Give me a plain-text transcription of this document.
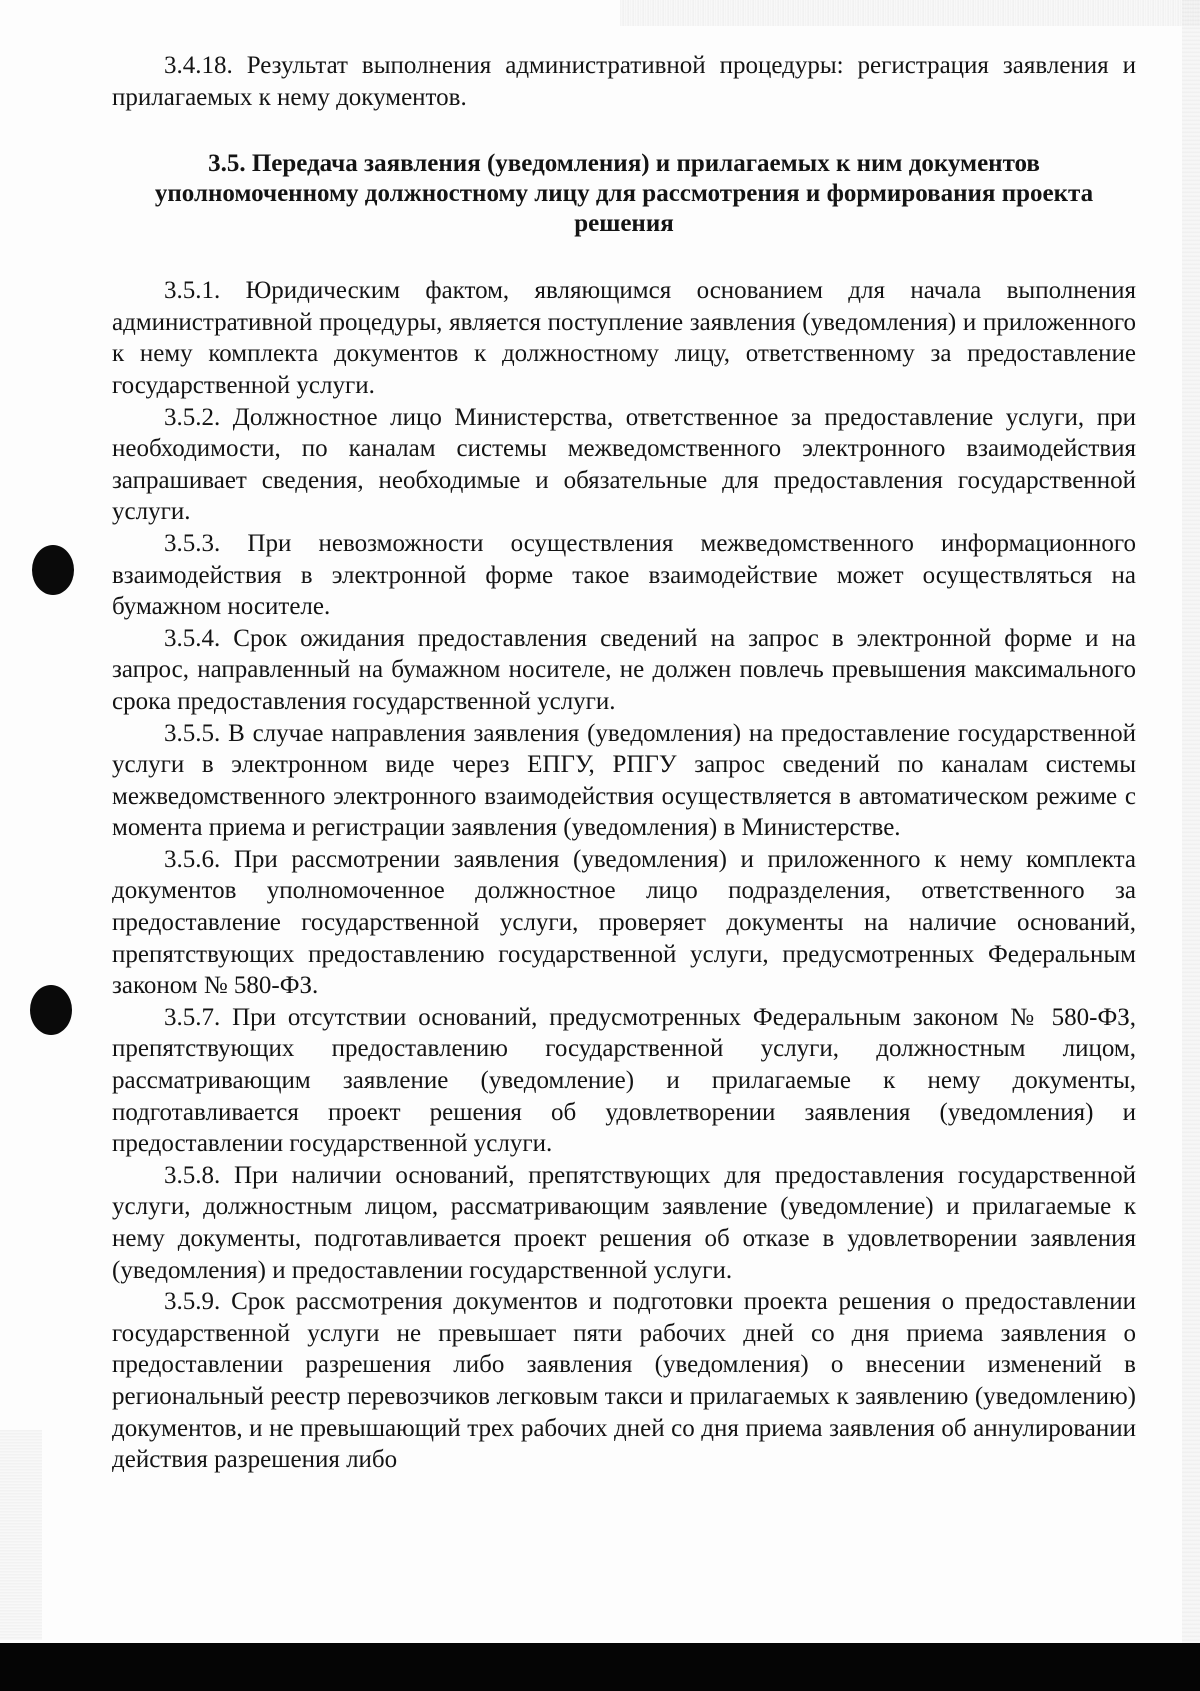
3.4.18. Результат выполнения административной процедуры: регистрация заявления и прилагаемых к нему документов.

3.5. Передача заявления (уведомления) и прилагаемых к ним документов уполномоченному должностному лицу для рассмотрения и формирования проекта решения

3.5.1. Юридическим фактом, являющимся основанием для начала выполнения административной процедуры, является поступление заявления (уведомления) и приложенного к нему комплекта документов к должностному лицу, ответственному за предоставление государственной услуги.

3.5.2. Должностное лицо Министерства, ответственное за предоставление услуги, при необходимости, по каналам системы межведомственного электронного взаимодействия запрашивает сведения, необходимые и обязательные для предоставления государственной услуги.

3.5.3. При невозможности осуществления межведомственного информационного взаимодействия в электронной форме такое взаимодействие может осуществляться на бумажном носителе.

3.5.4. Срок ожидания предоставления сведений на запрос в электронной форме и на запрос, направленный на бумажном носителе, не должен повлечь превышения максимального срока предоставления государственной услуги.

3.5.5. В случае направления заявления (уведомления) на предоставление государственной услуги в электронном виде через ЕПГУ, РПГУ запрос сведений по каналам системы межведомственного электронного взаимодействия осуществляется в автоматическом режиме с момента приема и регистрации заявления (уведомления) в Министерстве.

3.5.6. При рассмотрении заявления (уведомления) и приложенного к нему комплекта документов уполномоченное должностное лицо подразделения, ответственного за предоставление государственной услуги, проверяет документы на наличие оснований, препятствующих предоставлению государственной услуги, предусмотренных Федеральным законом № 580-ФЗ.

3.5.7. При отсутствии оснований, предусмотренных Федеральным законом № 580-ФЗ, препятствующих предоставлению государственной услуги, должностным лицом, рассматривающим заявление (уведомление) и прилагаемые к нему документы, подготавливается проект решения об удовлетворении заявления (уведомления) и предоставлении государственной услуги.

3.5.8. При наличии оснований, препятствующих для предоставления государственной услуги, должностным лицом, рассматривающим заявление (уведомление) и прилагаемые к нему документы, подготавливается проект решения об отказе в удовлетворении заявления (уведомления) и предоставлении государственной услуги.

3.5.9. Срок рассмотрения документов и подготовки проекта решения о предоставлении государственной услуги не превышает пяти рабочих дней со дня приема заявления о предоставлении разрешения либо заявления (уведомления) о внесении изменений в региональный реестр перевозчиков легковым такси и прилагаемых к заявлению (уведомлению) документов, и не превышающий трех рабочих дней со дня приема заявления об аннулировании действия разрешения либо
